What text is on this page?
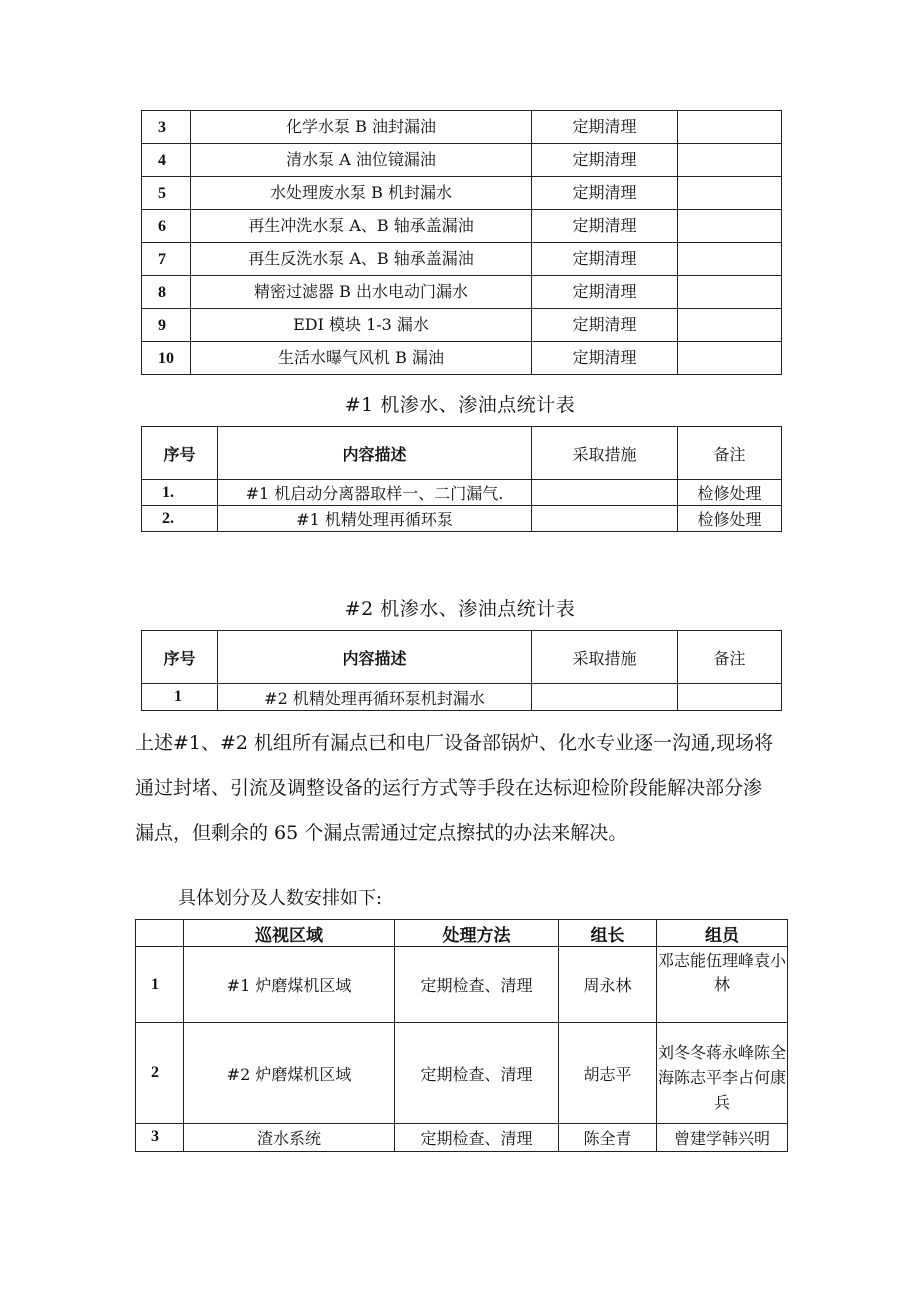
3	化学水泵 B 油封漏油	定期清理	
4	清水泵 A 油位镜漏油	定期清理	
5	水处理废水泵 B 机封漏水	定期清理	
6	再生冲洗水泵 A、B 轴承盖漏油	定期清理	
7	再生反洗水泵 A、B 轴承盖漏油	定期清理	
8	精密过滤器 B 出水电动门漏水	定期清理	
9	EDI 模块 1-3 漏水	定期清理	
10	生活水曝气风机 B 漏油	定期清理	
#1 机渗水、渗油点统计表
序号	内容描述	采取措施	备注
1.	#1 机启动分离器取样一、二门漏气.		检修处理
2.	#1 机精处理再循环泵		检修处理
#2 机渗水、渗油点统计表
序号	内容描述	采取措施	备注
1	#2 机精处理再循环泵机封漏水		
上述#1、#2 机组所有漏点已和电厂设备部锅炉、化水专业逐一沟通,现场将通过封堵、引流及调整设备的运行方式等手段在达标迎检阶段能解决部分渗漏点，但剩余的 65 个漏点需通过定点擦拭的办法来解决。
具体划分及人数安排如下:
	巡视区域	处理方法	组长	组员
1	#1 炉磨煤机区域	定期检查、清理	周永林	邓志能伍理峰袁小林
2	#2 炉磨煤机区域	定期检查、清理	胡志平	刘冬冬蒋永峰陈全海陈志平李占何康兵
3	渣水系统	定期检查、清理	陈全青	曾建学韩兴明
